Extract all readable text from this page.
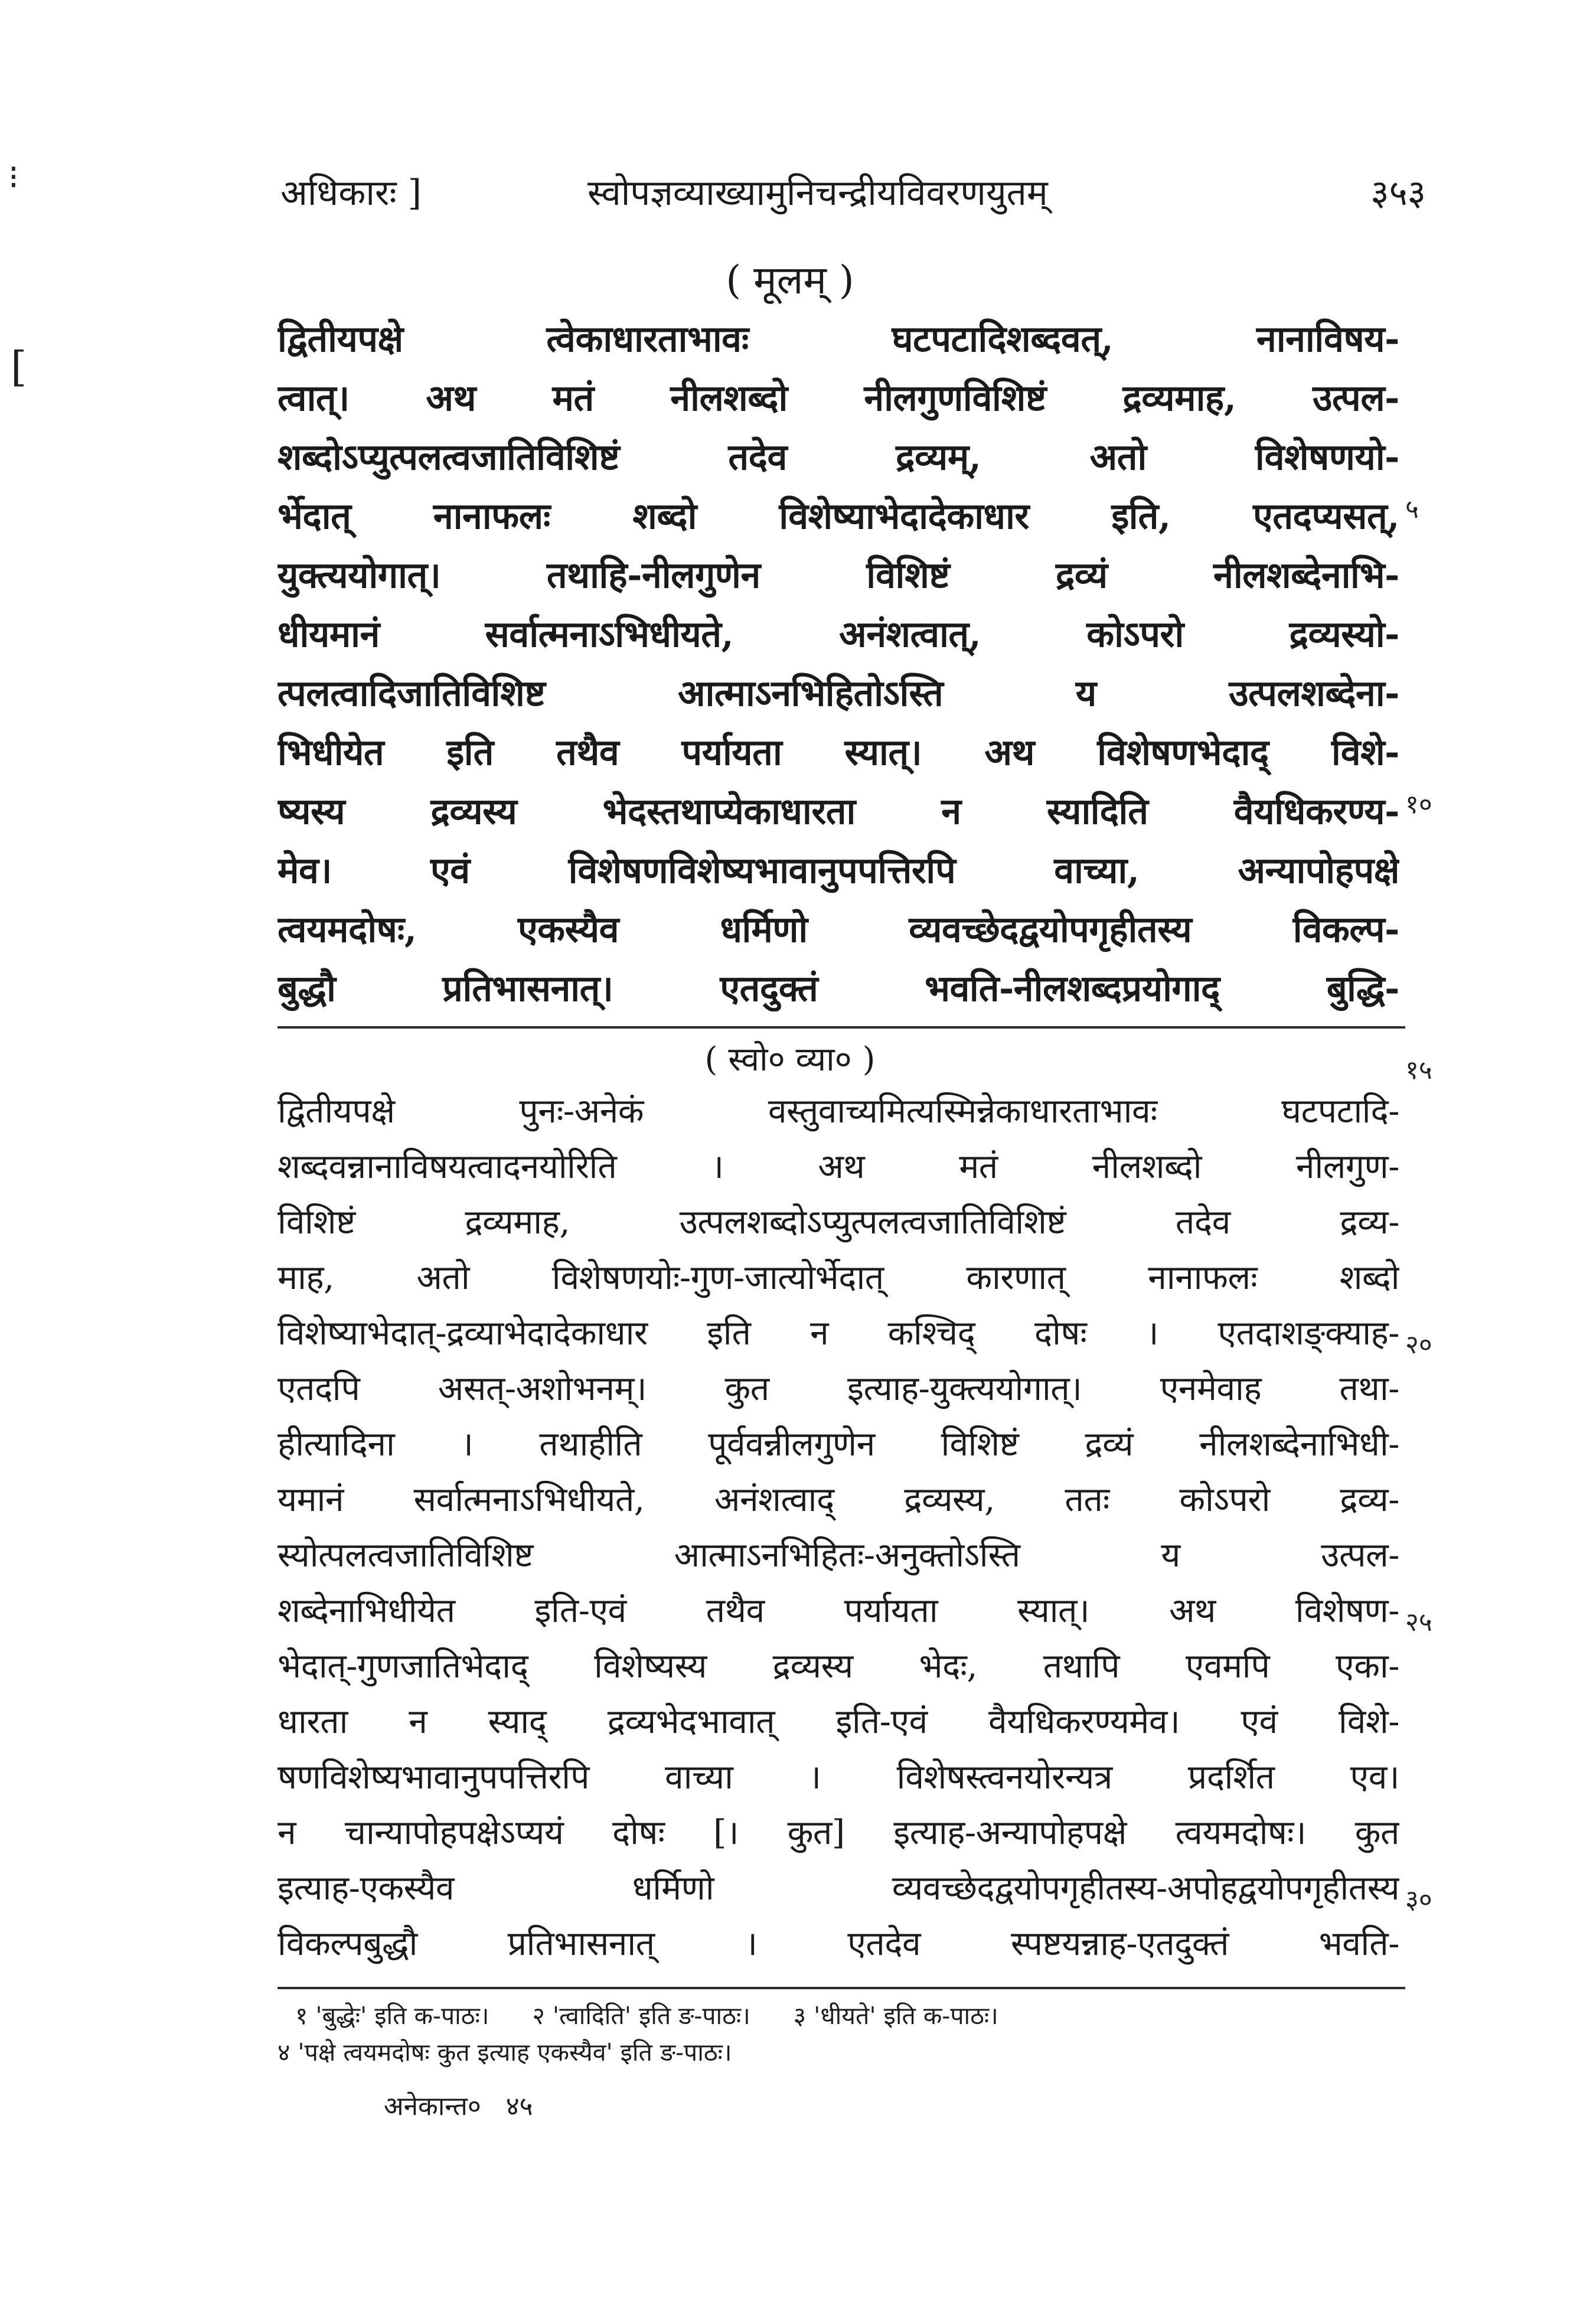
⁝
[
अधिकारः ]	स्वोपज्ञव्याख्यामुनिचन्द्रीयविवरणयुतम्	३५३
( मूलम् )
द्वितीयपक्षे त्वेकाधारताभावः घटपटादिशब्दवत्, नानाविषय-
त्वात्। अथ मतं नीलशब्दो नीलगुणविशिष्टं द्रव्यमाह, उत्पल-
शब्दोऽप्युत्पलत्वजातिविशिष्टं तदेव द्रव्यम्, अतो विशेषणयो-
र्भेदात् नानाफलः शब्दो विशेष्याभेदादेकाधार इति, एतदप्यसत्,
युक्त्ययोगात्। तथाहि-नीलगुणेन विशिष्टं द्रव्यं नीलशब्देनाभि-
धीयमानं सर्वात्मनाऽभिधीयते, अनंशत्वात्, कोऽपरो द्रव्यस्यो-
त्पलत्वादिजातिविशिष्ट आत्माऽनभिहितोऽस्ति य उत्पलशब्देना-
भिधीयेत इति तथैव पर्यायता स्यात्। अथ विशेषणभेदाद् विशे-
ष्यस्य द्रव्यस्य भेदस्तथाप्येकाधारता न स्यादिति वैयधिकरण्य-
मेव। एवं विशेषणविशेष्यभावानुपपत्तिरपि वाच्या, अन्यापोहपक्षे
त्वयमदोषः, एकस्यैव धर्मिणो व्यवच्छेदद्वयोपगृहीतस्य विकल्प-
बुद्धौ प्रतिभासनात्। एतदुक्तं भवति-नीलशब्दप्रयोगाद् बुद्धि-
( स्वो० व्या० )
द्वितीयपक्षे पुनः-अनेकं वस्तुवाच्यमित्यस्मिन्नेकाधारताभावः घटपटादि-
शब्दवन्नानाविषयत्वादनयोरिति । अथ मतं नीलशब्दो नीलगुण-
विशिष्टं द्रव्यमाह, उत्पलशब्दोऽप्युत्पलत्वजातिविशिष्टं तदेव द्रव्य-
माह, अतो विशेषणयोः-गुण-जात्योर्भेदात् कारणात् नानाफलः शब्दो
विशेष्याभेदात्-द्रव्याभेदादेकाधार इति न कश्चिद् दोषः । एतदाशङ्क्याह-
एतदपि असत्-अशोभनम्। कुत इत्याह-युक्त्ययोगात्। एनमेवाह तथा-
हीत्यादिना । तथाहीति पूर्ववन्नीलगुणेन विशिष्टं द्रव्यं नीलशब्देनाभिधी-
यमानं सर्वात्मनाऽभिधीयते, अनंशत्वाद् द्रव्यस्य, ततः कोऽपरो द्रव्य-
स्योत्पलत्वजातिविशिष्ट आत्माऽनभिहितः-अनुक्तोऽस्ति य उत्पल-
शब्देनाभिधीयेत इति-एवं तथैव पर्यायता स्यात्। अथ विशेषण-
भेदात्-गुणजातिभेदाद् विशेष्यस्य द्रव्यस्य भेदः, तथापि एवमपि एका-
धारता न स्याद् द्रव्यभेदभावात् इति-एवं वैयधिकरण्यमेव। एवं विशे-
षणविशेष्यभावानुपपत्तिरपि वाच्या । विशेषस्त्वनयोरन्यत्र प्रदर्शित एव।
न चान्यापोहपक्षेऽप्ययं दोषः [। कुत] इत्याह-अन्यापोहपक्षे त्वयमदोषः। कुत
इत्याह-एकस्यैव धर्मिणो व्यवच्छेदद्वयोपगृहीतस्य-अपोहद्वयोपगृहीतस्य
विकल्पबुद्धौ प्रतिभासनात् । एतदेव स्पष्टयन्नाह-एतदुक्तं भवति-
५
१०
१५
२०
२५
३०
१ 'बुद्धेः' इति क-पाठः। २ 'त्वादिति' इति ङ-पाठः। ३ 'धीयते' इति क-पाठः।
४ 'पक्षे त्वयमदोषः कुत इत्याह एकस्यैव' इति ङ-पाठः।
अनेकान्त० ४५
